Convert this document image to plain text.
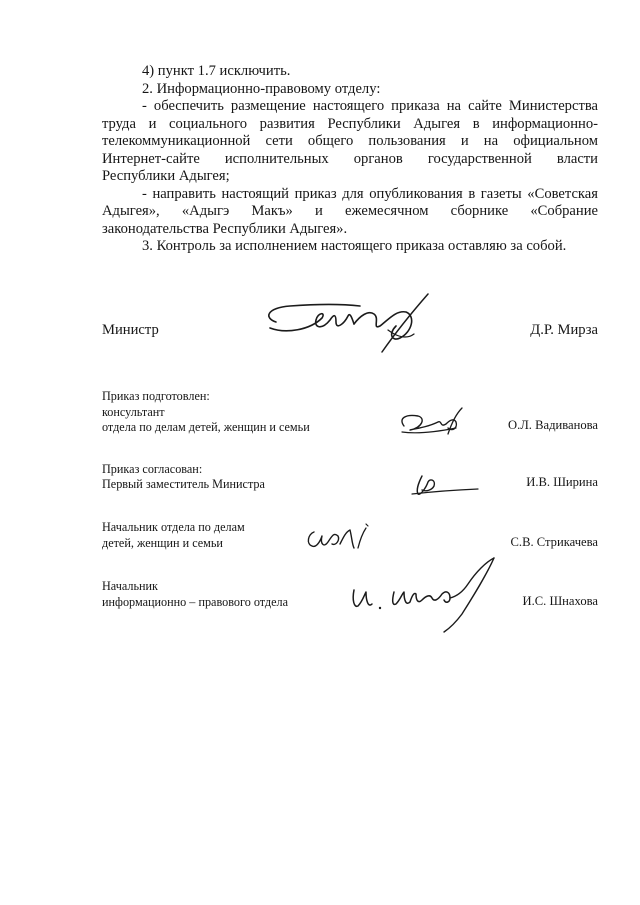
4) пункт 1.7 исключить.

2. Информационно-правовому отделу:

- обеспечить размещение настоящего приказа на сайте Министерства

труда и социального развития Республики Адыгея в информационно-

телекоммуникационной сети общего пользования и на официальном

Интернет-сайте исполнительных органов государственной власти

Республики Адыгея;

- направить настоящий приказ для опубликования в газеты «Советская

Адыгея», «Адыгэ Макъ» и ежемесячном сборнике «Собрание

законодательства Республики Адыгея».

3. Контроль за исполнением настоящего приказа оставляю за собой.

Министр	Д.Р. Мирза
Приказ подготовлен:
консультант
отдела по делам детей, женщин и семьи	О.Л. Вадиванова
Приказ согласован:
Первый заместитель Министра	И.В. Ширина
Начальник отдела по делам
детей, женщин и семьи	С.В. Стрикачева
Начальник
информационно – правового отдела	И.С. Шнахова
